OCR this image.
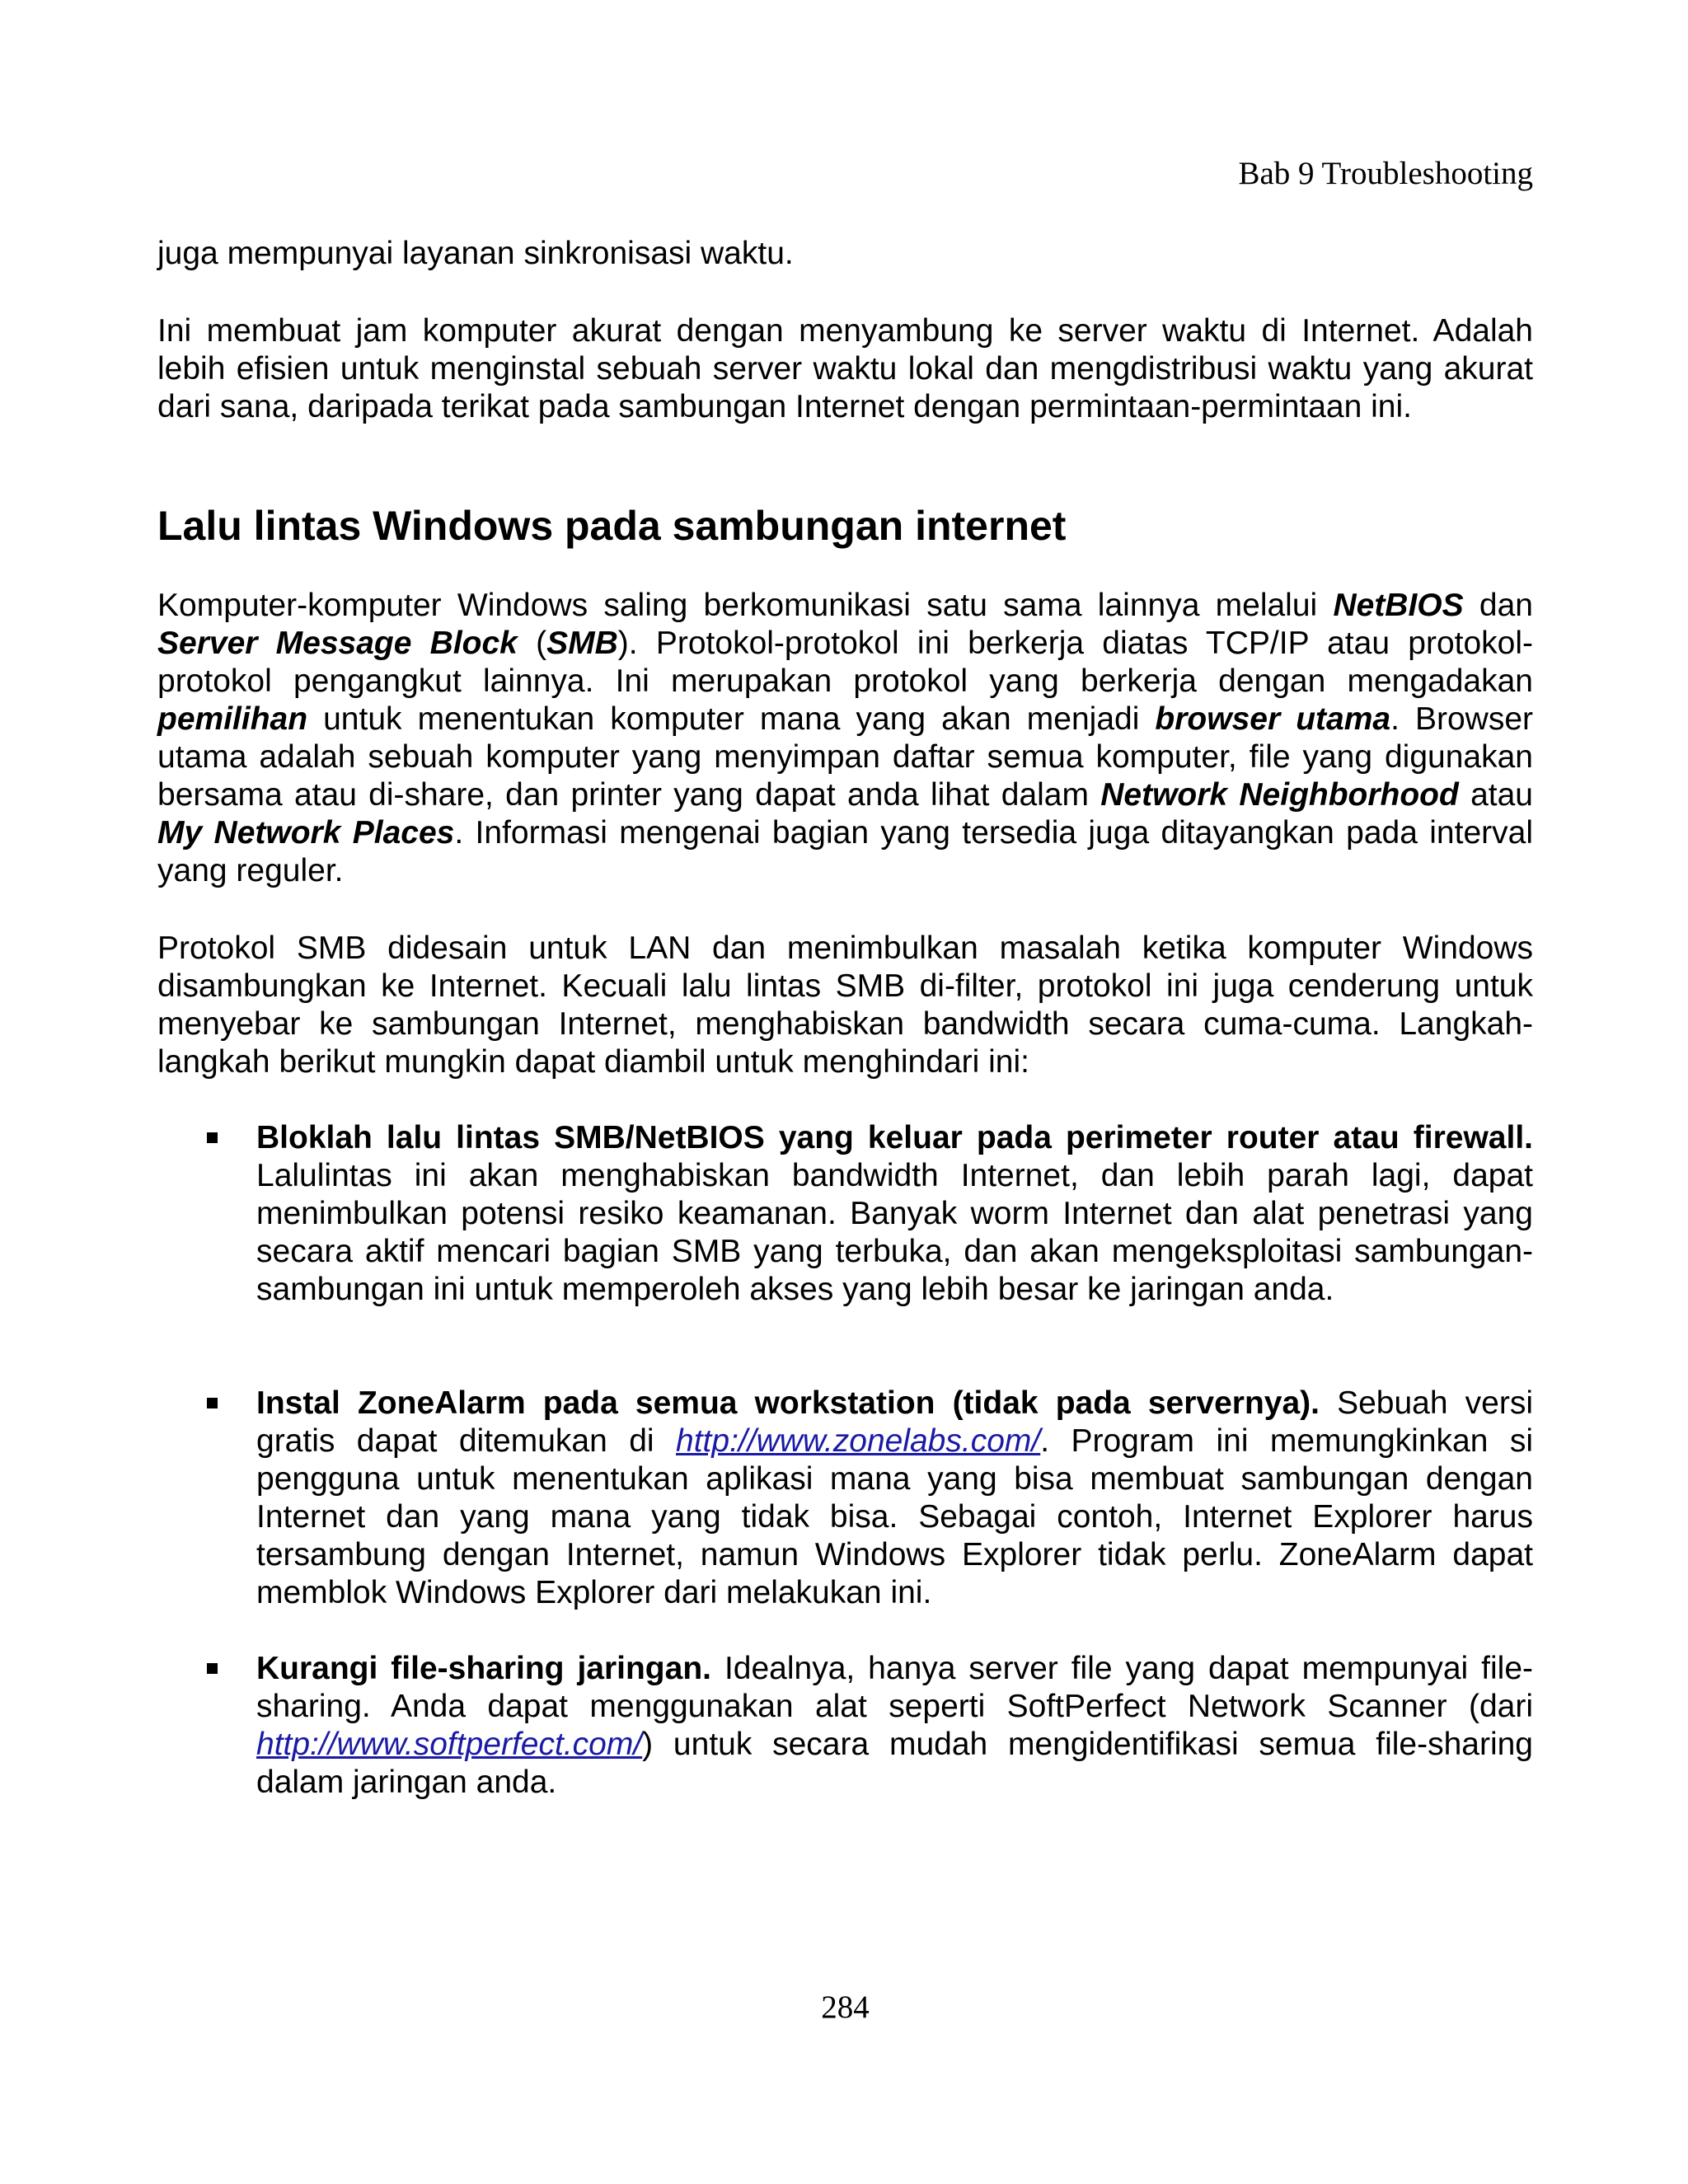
Bab 9 Troubleshooting

juga mempunyai layanan sinkronisasi waktu.

Ini membuat jam komputer akurat dengan menyambung ke server waktu di Internet. Adalah lebih efisien untuk menginstal sebuah server waktu lokal dan mengdistribusi waktu yang akurat dari sana, daripada terikat pada sambungan Internet dengan permintaan-permintaan ini.

Lalu lintas Windows pada sambungan internet

Komputer-komputer Windows saling berkomunikasi satu sama lainnya melalui NetBIOS dan Server Message Block (SMB). Protokol-protokol ini berkerja diatas TCP/IP atau protokol-protokol pengangkut lainnya. Ini merupakan protokol yang berkerja dengan mengadakan pemilihan untuk menentukan komputer mana yang akan menjadi browser utama. Browser utama adalah sebuah komputer yang menyimpan daftar semua komputer, file yang digunakan bersama atau di-share, dan printer yang dapat anda lihat dalam Network Neighborhood atau My Network Places. Informasi mengenai bagian yang tersedia juga ditayangkan pada interval yang reguler.

Protokol SMB didesain untuk LAN dan menimbulkan masalah ketika komputer Windows disambungkan ke Internet. Kecuali lalu lintas SMB di-filter, protokol ini juga cenderung untuk menyebar ke sambungan Internet, menghabiskan bandwidth secara cuma-cuma. Langkah-langkah berikut mungkin dapat diambil untuk menghindari ini:

Bloklah lalu lintas SMB/NetBIOS yang keluar pada perimeter router atau firewall. Lalulintas ini akan menghabiskan bandwidth Internet, dan lebih parah lagi, dapat menimbulkan potensi resiko keamanan. Banyak worm Internet dan alat penetrasi yang secara aktif mencari bagian SMB yang terbuka, dan akan mengeksploitasi sambungan-sambungan ini untuk memperoleh akses yang lebih besar ke jaringan anda.
Instal ZoneAlarm pada semua workstation (tidak pada servernya). Sebuah versi gratis dapat ditemukan di http://www.zonelabs.com/. Program ini memungkinkan si pengguna untuk menentukan aplikasi mana yang bisa membuat sambungan dengan Internet dan yang mana yang tidak bisa. Sebagai contoh, Internet Explorer harus tersambung dengan Internet, namun Windows Explorer tidak perlu. ZoneAlarm dapat memblok Windows Explorer dari melakukan ini.
Kurangi file-sharing jaringan. Idealnya, hanya server file yang dapat mempunyai file-sharing. Anda dapat menggunakan alat seperti SoftPerfect Network Scanner (dari http://www.softperfect.com/) untuk secara mudah mengidentifikasi semua file-sharing dalam jaringan anda.
284
